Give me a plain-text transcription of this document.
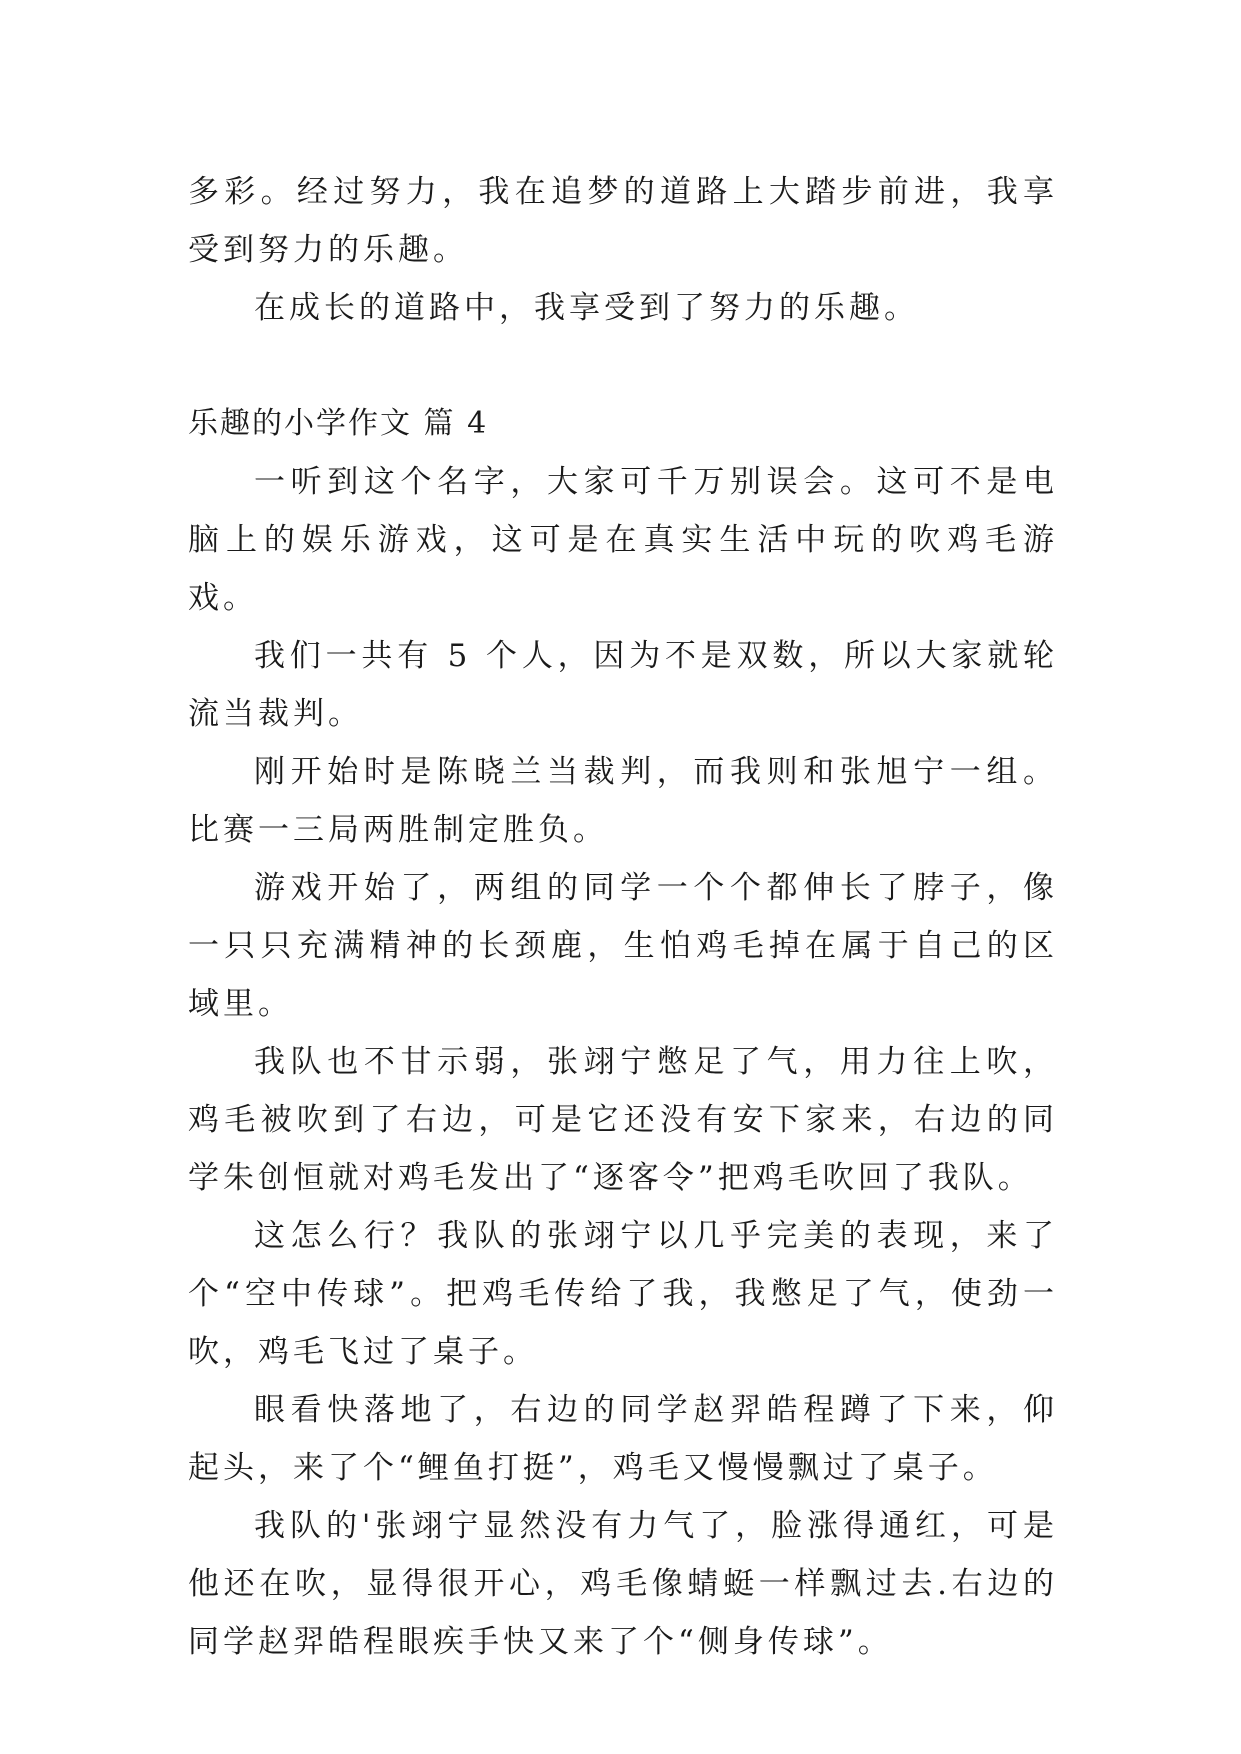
多彩。经过努力，我在追梦的道路上大踏步前进，我享受到努力的乐趣。

在成长的道路中，我享受到了努力的乐趣。

乐趣的小学作文 篇 4

一听到这个名字，大家可千万别误会。这可不是电脑上的娱乐游戏，这可是在真实生活中玩的吹鸡毛游戏。

我们一共有 5 个人，因为不是双数，所以大家就轮流当裁判。

刚开始时是陈晓兰当裁判，而我则和张旭宁一组。比赛一三局两胜制定胜负。

游戏开始了，两组的同学一个个都伸长了脖子，像一只只充满精神的长颈鹿，生怕鸡毛掉在属于自己的区域里。

我队也不甘示弱，张翊宁憋足了气，用力往上吹，鸡毛被吹到了右边，可是它还没有安下家来，右边的同学朱创恒就对鸡毛发出了“逐客令”把鸡毛吹回了我队。

这怎么行？我队的张翊宁以几乎完美的表现，来了个“空中传球”。把鸡毛传给了我，我憋足了气，使劲一吹，鸡毛飞过了桌子。

眼看快落地了，右边的同学赵羿皓程蹲了下来，仰起头，来了个“鲤鱼打挺”，鸡毛又慢慢飘过了桌子。

我队的'张翊宁显然没有力气了，脸涨得通红，可是他还在吹，显得很开心，鸡毛像蜻蜓一样飘过去.右边的同学赵羿皓程眼疾手快又来了个“侧身传球”。
